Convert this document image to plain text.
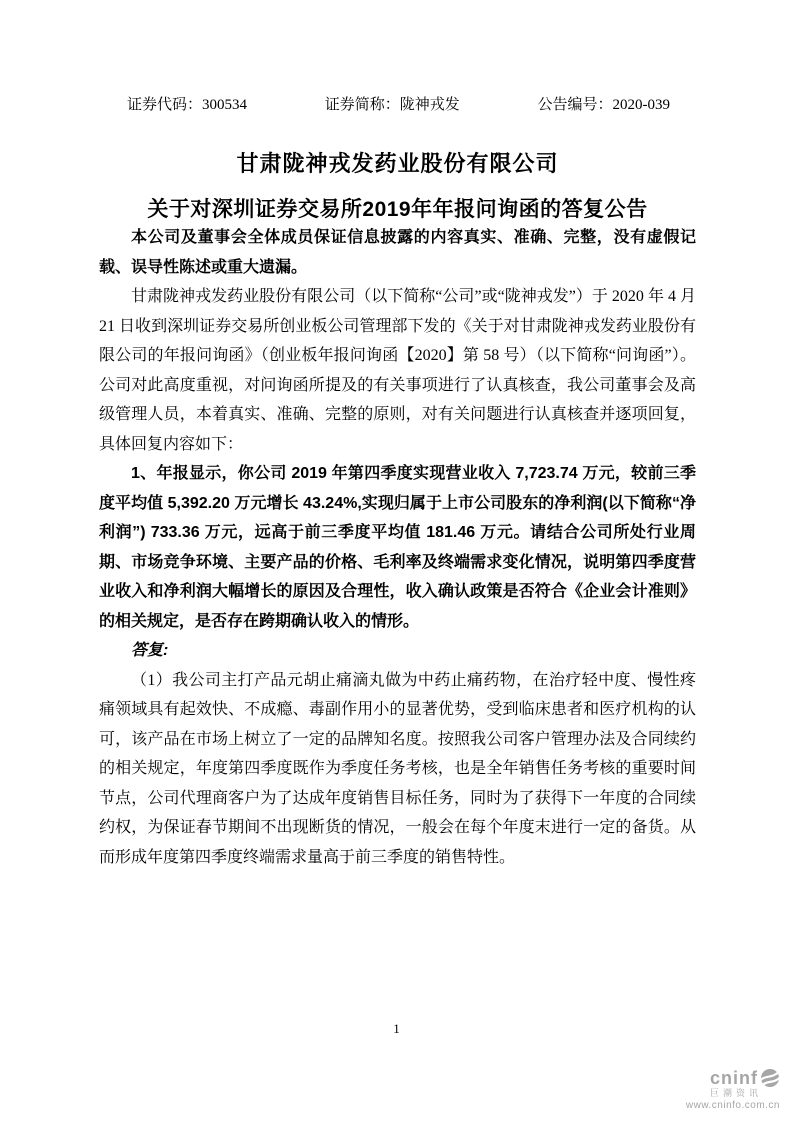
证券代码：300534	证券简称：陇神戎发	公告编号：2020-039
甘肃陇神戎发药业股份有限公司
关于对深圳证券交易所2019年年报问询函的答复公告

本公司及董事会全体成员保证信息披露的内容真实、准确、完整，没有虚假记载、误导性陈述或重大遗漏。

甘肃陇神戎发药业股份有限公司（以下简称“公司”或“陇神戎发”）于 2020 年 4 月 21 日收到深圳证券交易所创业板公司管理部下发的《关于对甘肃陇神戎发药业股份有限公司的年报问询函》（创业板年报问询函【2020】第 58 号）（以下简称“问询函”）。公司对此高度重视，对问询函所提及的有关事项进行了认真核查，我公司董事会及高级管理人员，本着真实、准确、完整的原则，对有关问题进行认真核查并逐项回复，具体回复内容如下：

1、年报显示，你公司 2019 年第四季度实现营业收入 7,723.74 万元，较前三季度平均值 5,392.20 万元增长 43.24%,实现归属于上市公司股东的净利润(以下简称“净利润”) 733.36 万元，远高于前三季度平均值 181.46 万元。请结合公司所处行业周期、市场竞争环境、主要产品的价格、毛利率及终端需求变化情况，说明第四季度营业收入和净利润大幅增长的原因及合理性，收入确认政策是否符合《企业会计准则》的相关规定，是否存在跨期确认收入的情形。

答复:

（1）我公司主打产品元胡止痛滴丸做为中药止痛药物，在治疗轻中度、慢性疼痛领域具有起效快、不成瘾、毒副作用小的显著优势，受到临床患者和医疗机构的认可，该产品在市场上树立了一定的品牌知名度。按照我公司客户管理办法及合同续约的相关规定，年度第四季度既作为季度任务考核，也是全年销售任务考核的重要时间节点，公司代理商客户为了达成年度销售目标任务，同时为了获得下一年度的合同续约权，为保证春节期间不出现断货的情况，一般会在每个年度末进行一定的备货。从而形成年度第四季度终端需求量高于前三季度的销售特性。

1
cninf
巨潮资讯
www.cninfo.com.cn
